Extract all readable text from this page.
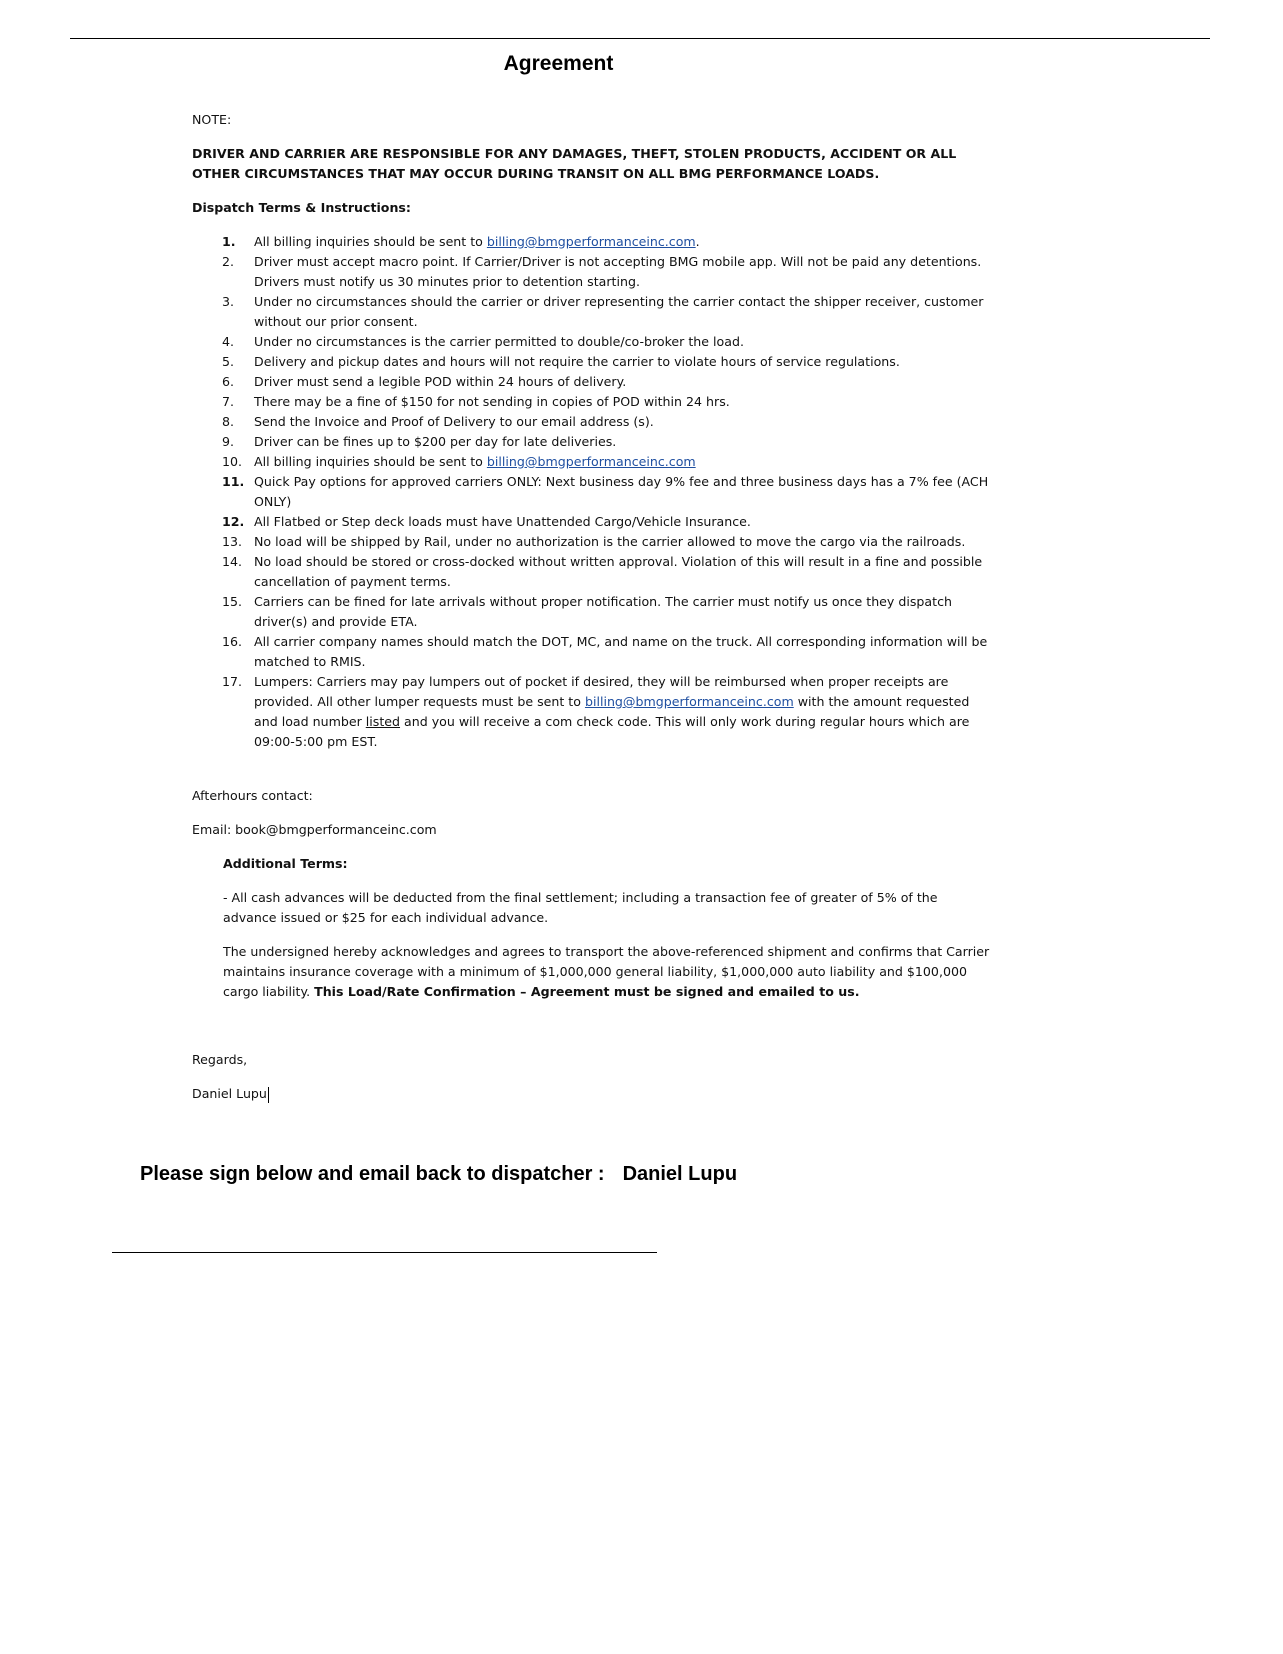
Agreement

NOTE:

DRIVER AND CARRIER ARE RESPONSIBLE FOR ANY DAMAGES, THEFT, STOLEN PRODUCTS, ACCIDENT OR ALL OTHER CIRCUMSTANCES THAT MAY OCCUR DURING TRANSIT ON ALL BMG PERFORMANCE LOADS.

Dispatch Terms & Instructions:

1.	All billing inquiries should be sent to billing@bmgperformanceinc.com.
2.	Driver must accept macro point. If Carrier/Driver is not accepting BMG mobile app. Will not be paid any detentions. Drivers must notify us 30 minutes prior to detention starting.
3.	Under no circumstances should the carrier or driver representing the carrier contact the shipper receiver, customer without our prior consent.
4.	Under no circumstances is the carrier permitted to double/co-broker the load.
5.	Delivery and pickup dates and hours will not require the carrier to violate hours of service regulations.
6.	Driver must send a legible POD within 24 hours of delivery.
7.	There may be a fine of $150 for not sending in copies of POD within 24 hrs.
8.	Send the Invoice and Proof of Delivery to our email address (s).
9.	Driver can be fines up to $200 per day for late deliveries.
10. All billing inquiries should be sent to billing@bmgperformanceinc.com
11. Quick Pay options for approved carriers ONLY: Next business day 9% fee and three business days has a 7% fee (ACH ONLY)
12. All Flatbed or Step deck loads must have Unattended Cargo/Vehicle Insurance.
13. No load will be shipped by Rail, under no authorization is the carrier allowed to move the cargo via the railroads.
14. No load should be stored or cross-docked without written approval. Violation of this will result in a fine and possible cancellation of payment terms.
15. Carriers can be fined for late arrivals without proper notification. The carrier must notify us once they dispatch driver(s) and provide ETA.
16. All carrier company names should match the DOT, MC, and name on the truck. All corresponding information will be matched to RMIS.
17. Lumpers: Carriers may pay lumpers out of pocket if desired, they will be reimbursed when proper receipts are provided. All other lumper requests must be sent to billing@bmgperformanceinc.com with the amount requested and load number listed and you will receive a com check code. This will only work during regular hours which are 09:00-5:00 pm EST.

Afterhours contact:

Email: book@bmgperformanceinc.com

Additional Terms:

- All cash advances will be deducted from the final settlement; including a transaction fee of greater of 5% of the advance issued or $25 for each individual advance.

The undersigned hereby acknowledges and agrees to transport the above-referenced shipment and confirms that Carrier maintains insurance coverage with a minimum of $1,000,000 general liability, $1,000,000 auto liability and $100,000 cargo liability. This Load/Rate Confirmation – Agreement must be signed and emailed to us.

Regards,

Daniel Lupu

Please sign below and email back to dispatcher : Daniel Lupu
